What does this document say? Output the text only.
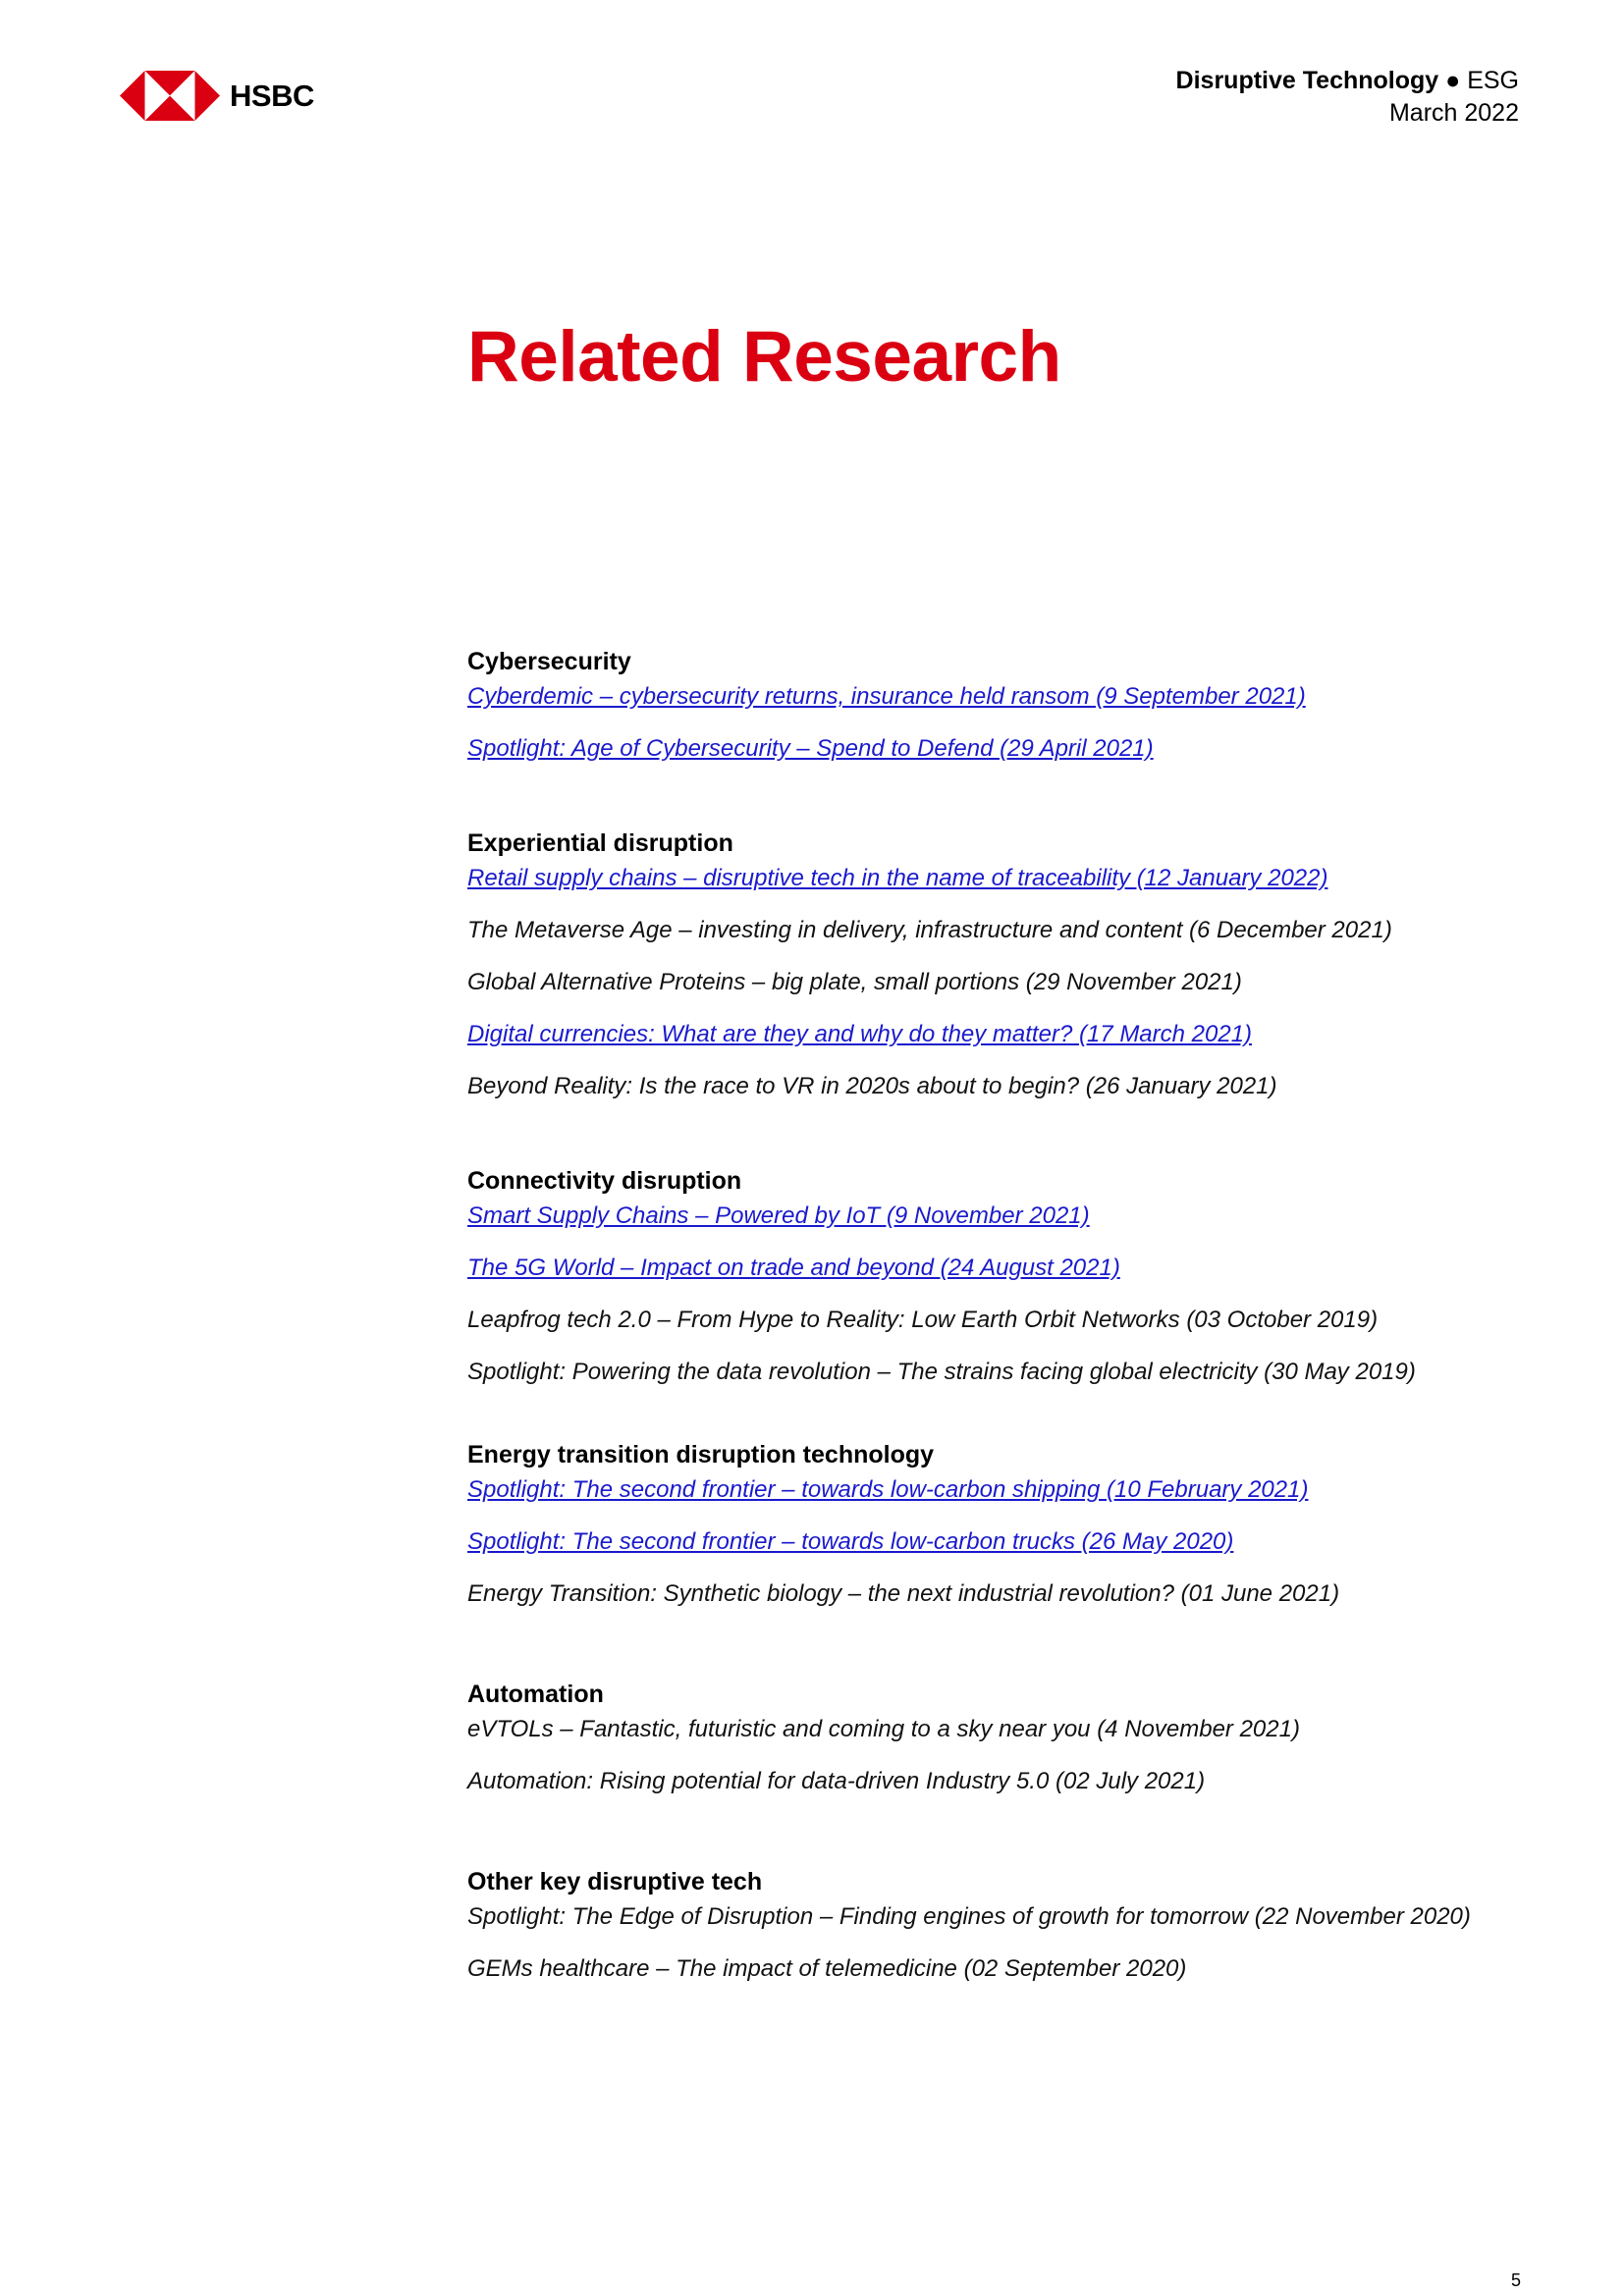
HSBC	Disruptive Technology ● ESG
March 2022
Related Research
Cybersecurity
Cyberdemic – cybersecurity returns, insurance held ransom (9 September 2021)
Spotlight: Age of Cybersecurity – Spend to Defend (29 April 2021)
Experiential disruption
Retail supply chains – disruptive tech in the name of traceability (12 January 2022)
The Metaverse Age – investing in delivery, infrastructure and content (6 December 2021)
Global Alternative Proteins – big plate, small portions (29 November 2021)
Digital currencies: What are they and why do they matter? (17 March 2021)
Beyond Reality: Is the race to VR in 2020s about to begin? (26 January 2021)
Connectivity disruption
Smart Supply Chains – Powered by IoT (9 November 2021)
The 5G World – Impact on trade and beyond (24 August 2021)
Leapfrog tech 2.0 – From Hype to Reality: Low Earth Orbit Networks (03 October 2019)
Spotlight: Powering the data revolution – The strains facing global electricity (30 May 2019)
Energy transition disruption technology
Spotlight: The second frontier – towards low-carbon shipping (10 February 2021)
Spotlight: The second frontier – towards low-carbon trucks (26 May 2020)
Energy Transition: Synthetic biology – the next industrial revolution? (01 June 2021)
Automation
eVTOLs – Fantastic, futuristic and coming to a sky near you (4 November 2021)
Automation: Rising potential for data-driven Industry 5.0 (02 July 2021)
Other key disruptive tech
Spotlight: The Edge of Disruption – Finding engines of growth for tomorrow (22 November 2020)
GEMs healthcare – The impact of telemedicine (02 September 2020)
5
